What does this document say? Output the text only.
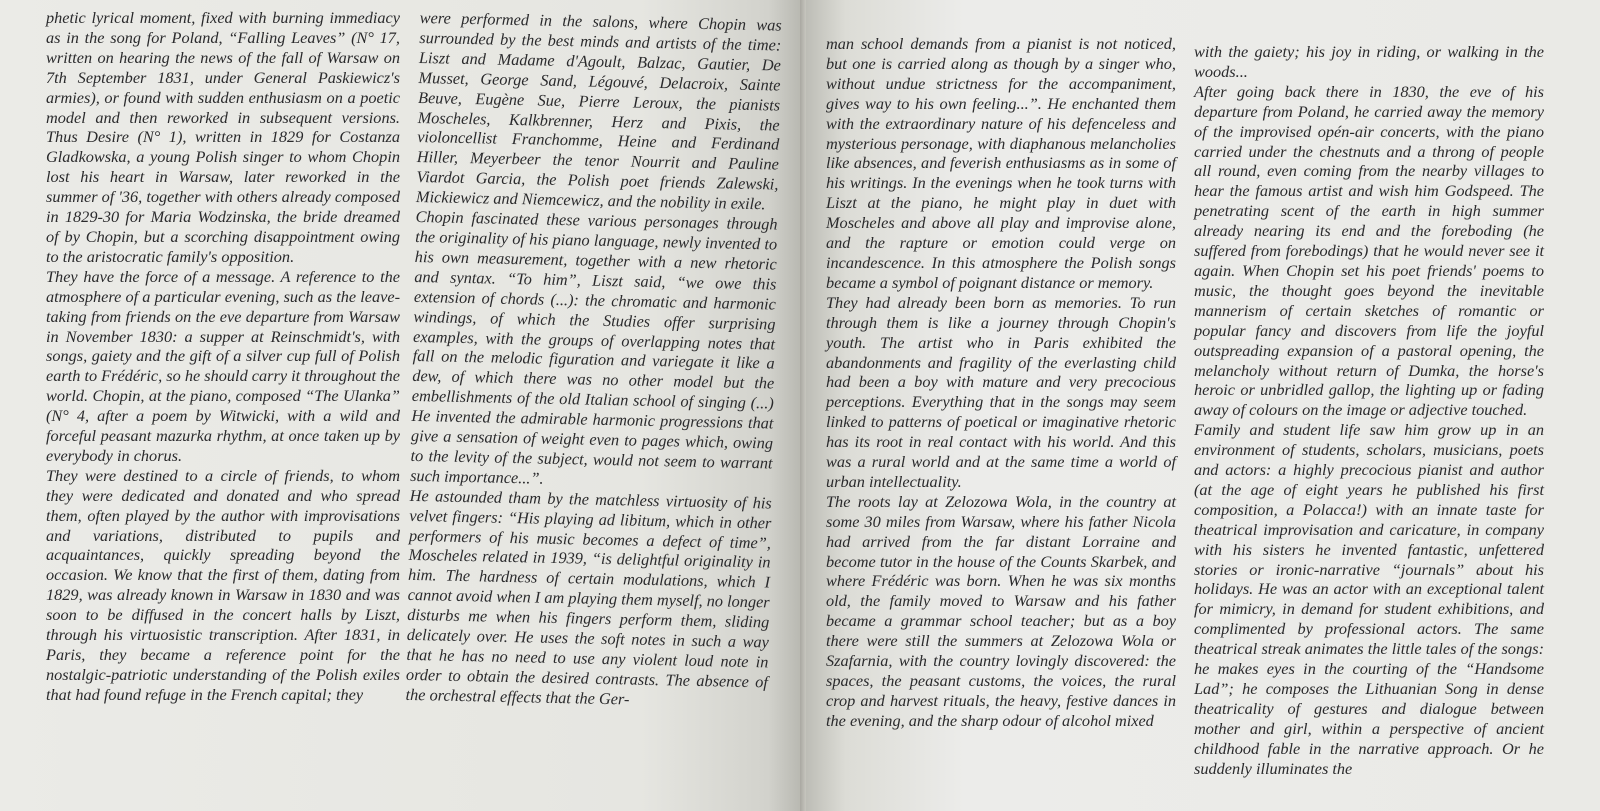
phetic lyrical moment, fixed with burning immediacy as in the song for Poland, “Falling Leaves” (N° 17, written on hearing the news of the fall of Warsaw on 7th September 1831, under General Paskiewicz's armies), or found with sudden enthusiasm on a poetic model and then reworked in subsequent versions. Thus Desire (N° 1), written in 1829 for Costanza Gladkowska, a young Polish singer to whom Chopin lost his heart in Warsaw, later reworked in the summer of '36, together with others already composed in 1829-30 for Maria Wodzinska, the bride dreamed of by Chopin, but a scorching disappointment owing to the aristocratic family's opposition.

They have the force of a message. A reference to the atmosphere of a particular evening, such as the leave-taking from friends on the eve departure from Warsaw in November 1830: a supper at Reinschmidt's, with songs, gaiety and the gift of a silver cup full of Polish earth to Frédéric, so he should carry it throughout the world. Chopin, at the piano, composed “The Ulanka” (N° 4, after a poem by Witwicki, with a wild and forceful peasant mazurka rhythm, at once taken up by everybody in chorus.

They were destined to a circle of friends, to whom they were dedicated and donated and who spread them, often played by the author with improvisations and variations, distributed to pupils and acquaintances, quickly spreading beyond the occasion. We know that the first of them, dating from 1829, was already known in Warsaw in 1830 and was soon to be diffused in the concert halls by Liszt, through his virtuosistic transcription. After 1831, in Paris, they became a reference point for the nostalgic-patriotic understanding of the Polish exiles that had found refuge in the French capital; they

were performed in the salons, where Chopin was surrounded by the best minds and artists of the time: Liszt and Madame d'Agoult, Balzac, Gautier, De Musset, George Sand, Légouvé, Delacroix, Sainte Beuve, Eugène Sue, Pierre Leroux, the pianists Moscheles, Kalkbrenner, Herz and Pixis, the violoncellist Franchomme, Heine and Ferdinand Hiller, Meyerbeer the tenor Nourrit and Pauline Viardot Garcia, the Polish poet friends Zalewski, Mickiewicz and Niemcewicz, and the nobility in exile.

Chopin fascinated these various personages through the originality of his piano language, newly invented to his own measurement, together with a new rhetoric and syntax. “To him”, Liszt said, “we owe this extension of chords (...): the chromatic and harmonic windings, of which the Studies offer surprising examples, with the groups of overlapping notes that fall on the melodic figuration and variegate it like a dew, of which there was no other model but the embellishments of the old Italian school of singing (...) He invented the admirable harmonic progressions that give a sensation of weight even to pages which, owing to the levity of the subject, would not seem to warrant such importance...”.

He astounded tham by the matchless virtuosity of his velvet fingers: “His playing ad libitum, which in other performers of his music becomes a defect of time”, Moscheles related in 1939, “is delightful originality in him. The hardness of certain modulations, which I cannot avoid when I am playing them myself, no longer disturbs me when his fingers perform them, sliding delicately over. He uses the soft notes in such a way that he has no need to use any violent loud note in order to obtain the desired contrasts. The absence of the orchestral effects that the Ger-

man school demands from a pianist is not noticed, but one is carried along as though by a singer who, without undue strictness for the accompaniment, gives way to his own feeling...”. He enchanted them with the extraordinary nature of his defenceless and mysterious personage, with diaphanous melancholies like absences, and feverish enthusiasms as in some of his writings. In the evenings when he took turns with Liszt at the piano, he might play in duet with Moscheles and above all play and improvise alone, and the rapture or emotion could verge on incandescence. In this atmosphere the Polish songs became a symbol of poignant distance or memory.

They had already been born as memories. To run through them is like a journey through Chopin's youth. The artist who in Paris exhibited the abandonments and fragility of the everlasting child had been a boy with mature and very precocious perceptions. Everything that in the songs may seem linked to patterns of poetical or imaginative rhetoric has its root in real contact with his world. And this was a rural world and at the same time a world of urban intellectuality.

The roots lay at Zelozowa Wola, in the country at some 30 miles from Warsaw, where his father Nicola had arrived from the far distant Lorraine and become tutor in the house of the Counts Skarbek, and where Frédéric was born. When he was six months old, the family moved to Warsaw and his father became a grammar school teacher; but as a boy there were still the summers at Zelozowa Wola or Szafarnia, with the country lovingly discovered: the spaces, the peasant customs, the voices, the rural crop and harvest rituals, the heavy, festive dances in the evening, and the sharp odour of alcohol mixed

with the gaiety; his joy in riding, or walking in the woods...

After going back there in 1830, the eve of his departure from Poland, he carried away the memory of the improvised opén-air concerts, with the piano carried under the chestnuts and a throng of people all round, even coming from the nearby villages to hear the famous artist and wish him Godspeed. The penetrating scent of the earth in high summer already nearing its end and the foreboding (he suffered from forebodings) that he would never see it again. When Chopin set his poet friends' poems to music, the thought goes beyond the inevitable mannerism of certain sketches of romantic or popular fancy and discovers from life the joyful outspreading expansion of a pastoral opening, the melancholy without return of Dumka, the horse's heroic or unbridled gallop, the lighting up or fading away of colours on the image or adjective touched.

Family and student life saw him grow up in an environment of students, scholars, musicians, poets and actors: a highly precocious pianist and author (at the age of eight years he published his first composition, a Polacca!) with an innate taste for theatrical improvisation and caricature, in company with his sisters he invented fantastic, unfettered stories or ironic-narrative “journals” about his holidays. He was an actor with an exceptional talent for mimicry, in demand for student exhibitions, and complimented by professional actors. The same theatrical streak animates the little tales of the songs: he makes eyes in the courting of the “Handsome Lad”; he composes the Lithuanian Song in dense theatricality of gestures and dialogue between mother and girl, within a perspective of ancient childhood fable in the narrative approach. Or he suddenly illuminates the
